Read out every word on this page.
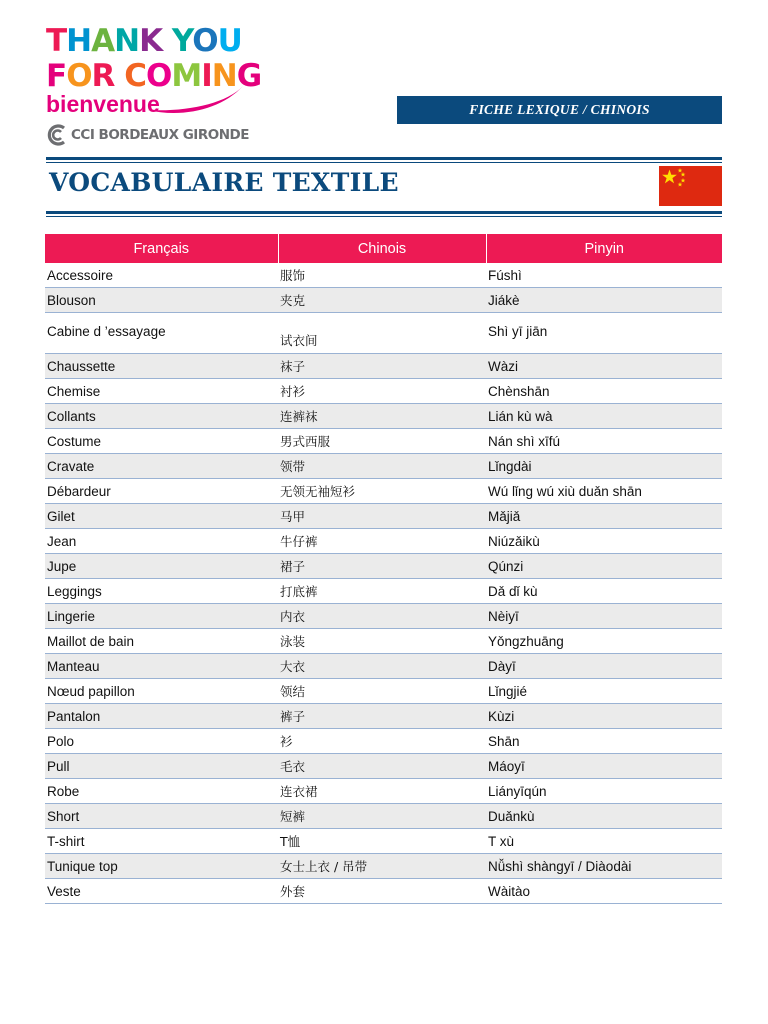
THANK YOU
FOR COMING
bienvenue
CCI BORDEAUX GIRONDE
FICHE LEXIQUE / CHINOIS
VOCABULAIRE TEXTILE
Français	Chinois	Pinyin
Accessoire	服饰	Fúshì
Blouson	夹克	Jiákè
Cabine d ’essayage	试衣间	Shì yī jiān
Chaussette	袜子	Wàzi
Chemise	衬衫	Chènshān
Collants	连裤袜	Lián kù wà
Costume	男式西服	Nán shì xīfú
Cravate	领带	Lǐngdài
Débardeur	无领无袖短衫	Wú lǐng wú xiù duǎn shān
Gilet	马甲	Mǎjiǎ
Jean	牛仔裤	Niúzǎikù
Jupe	裙子	Qúnzi
Leggings	打底裤	Dǎ dǐ kù
Lingerie	内衣	Nèiyī
Maillot de bain	泳装	Yǒngzhuāng
Manteau	大衣	Dàyī
Nœud papillon	领结	Lǐngjié
Pantalon	裤子	Kùzi
Polo	衫	Shān
Pull	毛衣	Máoyī
Robe	连衣裙	Liányīqún
Short	短裤	Duǎnkù
T-shirt	T恤	T xù
Tunique top	女士上衣 / 吊带	Nǚshì shàngyī / Diàodài
Veste	外套	Wàitào
